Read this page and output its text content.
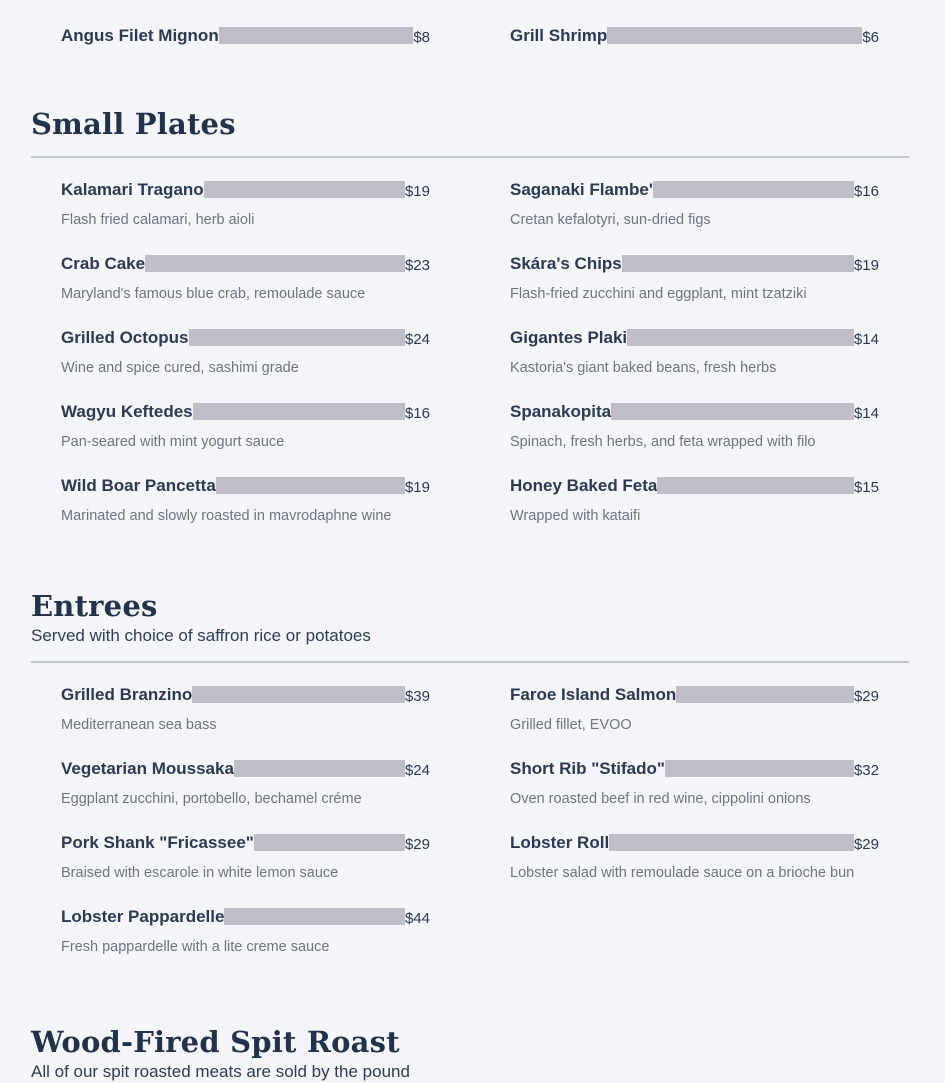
Angus Filet Mignon	$8	Grill Shrimp	$6
Small Plates
Kalamari Tragano	$19
Flash fried calamari, herb aioli
Saganaki Flambe'	$16
Cretan kefalotyri, sun-dried figs
Crab Cake	$23
Maryland's famous blue crab, remoulade sauce
Skára's Chips	$19
Flash-fried zucchini and eggplant, mint tzatziki
Grilled Octopus	$24
Wine and spice cured, sashimi grade
Gigantes Plaki	$14
Kastoria's giant baked beans, fresh herbs
Wagyu Keftedes	$16
Pan-seared with mint yogurt sauce
Spanakopita	$14
Spinach, fresh herbs, and feta wrapped with filo
Wild Boar Pancetta	$19
Marinated and slowly roasted in mavrodaphne wine
Honey Baked Feta	$15
Wrapped with kataifi
Entrees
Served with choice of saffron rice or potatoes
Grilled Branzino	$39
Mediterranean sea bass
Faroe Island Salmon	$29
Grilled fillet, EVOO
Vegetarian Moussaka	$24
Eggplant zucchini, portobello, bechamel créme
Short Rib "Stifado"	$32
Oven roasted beef in red wine, cippolini onions
Pork Shank "Fricassee"	$29
Braised with escarole in white lemon sauce
Lobster Roll	$29
Lobster salad with remoulade sauce on a brioche bun
Lobster Pappardelle	$44
Fresh pappardelle with a lite creme sauce
Wood-Fired Spit Roast
All of our spit roasted meats are sold by the pound
